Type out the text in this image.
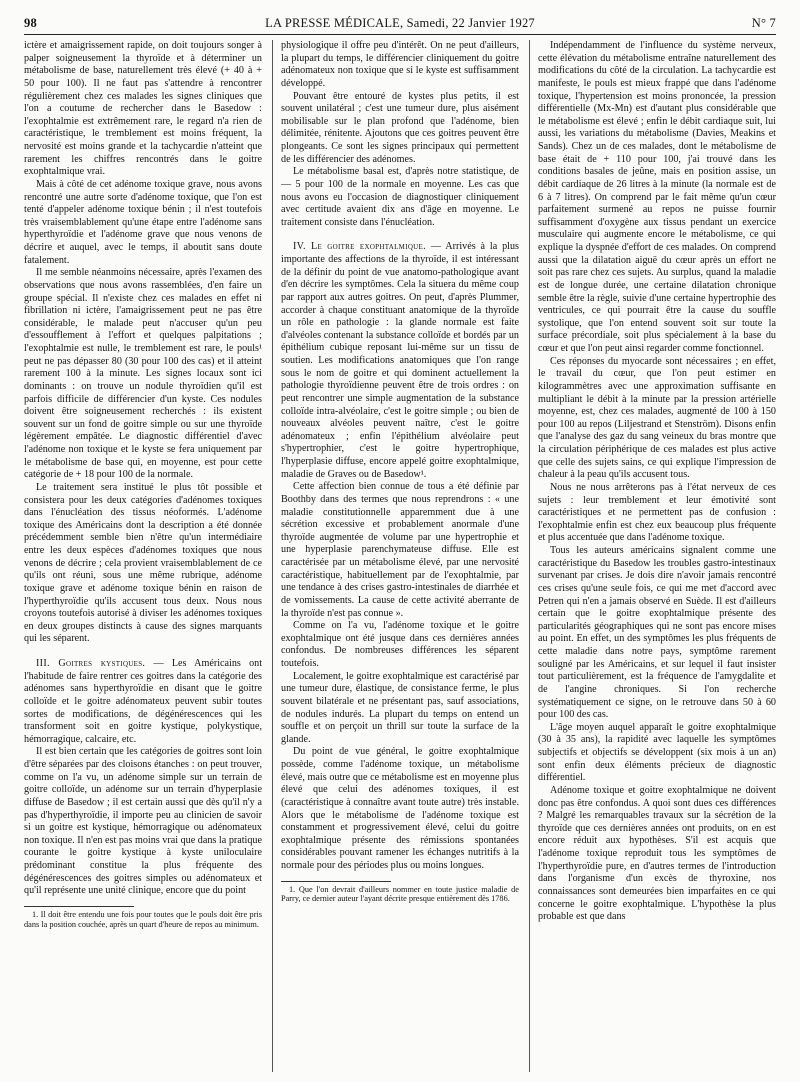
98	LA PRESSE MÉDICALE, Samedi, 22 Janvier 1927	N° 7

ictère et amaigrissement rapide, on doit toujours songer à palper soigneusement la thyroïde et à déterminer un métabolisme de base, naturellement très élevé (+ 40 à + 50 pour 100). Il ne faut pas s'attendre à rencontrer régulièrement chez ces malades les signes cliniques que l'on a coutume de rechercher dans le Basedow : l'exophtalmie est extrêmement rare, le regard n'a rien de caractéristique, le tremblement est moins fréquent, la nervosité est moins grande et la tachycardie n'atteint que rarement les chiffres rencontrés dans le goitre exophtalmique vrai.

Mais à côté de cet adénome toxique grave, nous avons rencontré une autre sorte d'adénome toxique, que l'on est tenté d'appeler adénome toxique bénin ; il n'est toutefois très vraisemblablement qu'une étape entre l'adénome sans hyperthyroïdie et l'adénome grave que nous venons de décrire et auquel, avec le temps, il aboutit sans doute fatalement.

Il me semble néanmoins nécessaire, après l'examen des observations que nous avons rassemblées, d'en faire un groupe spécial. Il n'existe chez ces malades en effet ni fibrillation ni ictère, l'amaigrissement peut ne pas être considérable, le malade peut n'accuser qu'un peu d'essoufflement à l'effort et quelques palpitations ; l'exophtalmie est nulle, le tremblement est rare, le pouls¹ peut ne pas dépasser 80 (30 pour 100 des cas) et il atteint rarement 100 à la minute. Les signes locaux sont ici dominants : on trouve un nodule thyroïdien qu'il est parfois difficile de différencier d'un kyste. Ces nodules doivent être soigneusement recherchés : ils existent souvent sur un fond de goitre simple ou sur une thyroïde légèrement empâtée. Le diagnostic différentiel d'avec l'adénome non toxique et le kyste se fera uniquement par le métabolisme de base qui, en moyenne, est pour cette catégorie de + 18 pour 100 de la normale.

Le traitement sera institué le plus tôt possible et consistera pour les deux catégories d'adénomes toxiques dans l'énucléation des tissus néoformés. L'adénome toxique des Américains dont la description a été donnée précédemment semble bien n'être qu'un intermédiaire entre les deux espèces d'adénomes toxiques que nous venons de décrire ; cela provient vraisemblablement de ce qu'ils ont réuni, sous une même rubrique, adénome toxique grave et adénome toxique bénin en raison de l'hyperthyroïdie qu'ils accusent tous deux. Nous nous croyons toutefois autorisé à diviser les adénomes toxiques en deux groupes distincts à cause des signes marquants qui les séparent.

III. Goitres kystiques. — Les Américains ont l'habitude de faire rentrer ces goitres dans la catégorie des adénomes sans hyperthyroïdie en disant que le goitre colloïde et le goitre adénomateux peuvent subir toutes sortes de modifications, de dégénérescences qui les transforment soit en goitre kystique, polykystique, hémorragique, calcaire, etc.

Il est bien certain que les catégories de goitres sont loin d'être séparées par des cloisons étanches : on peut trouver, comme on l'a vu, un adénome simple sur un terrain de goitre colloïde, un adénome sur un terrain d'hyperplasie diffuse de Basedow ; il est certain aussi que dès qu'il n'y a pas d'hyperthyroïdie, il importe peu au clinicien de savoir si un goitre est kystique, hémorragique ou adénomateux non toxique. Il n'en est pas moins vrai que dans la pratique courante le goitre kystique à kyste uniloculaire prédominant constitue la plus fréquente des dégénérescences des goitres simples ou adénomateux et qu'il représente une unité clinique, encore que du point

1. Il doit être entendu une fois pour toutes que le pouls doit être pris dans la position couchée, après un quart d'heure de repos au minimum.

physiologique il offre peu d'intérêt. On ne peut d'ailleurs, la plupart du temps, le différencier cliniquement du goitre adénomateux non toxique que si le kyste est suffisamment développé.

Pouvant être entouré de kystes plus petits, il est souvent unilatéral ; c'est une tumeur dure, plus aisément mobilisable sur le plan profond que l'adénome, bien délimitée, rénitente. Ajoutons que ces goitres peuvent être plongeants. Ce sont les signes principaux qui permettent de les différencier des adénomes.

Le métabolisme basal est, d'après notre statistique, de — 5 pour 100 de la normale en moyenne. Les cas que nous avons eu l'occasion de diagnostiquer cliniquement avec certitude avaient dix ans d'âge en moyenne. Le traitement consiste dans l'énucléation.

IV. Le goitre exophtalmique. — Arrivés à la plus importante des affections de la thyroïde, il est intéressant de la définir du point de vue anatomo-pathologique avant d'en décrire les symptômes. Cela la situera du même coup par rapport aux autres goitres. On peut, d'après Plummer, accorder à chaque constituant anatomique de la thyroïde un rôle en pathologie : la glande normale est faite d'alvéoles contenant la substance colloïde et bordés par un épithélium cubique reposant lui-même sur un tissu de soutien. Les modifications anatomiques que l'on range sous le nom de goitre et qui dominent actuellement la pathologie thyroïdienne peuvent être de trois ordres : on peut rencontrer une simple augmentation de la substance colloïde intra-alvéolaire, c'est le goitre simple ; ou bien de nouveaux alvéoles peuvent naître, c'est le goitre adénomateux ; enfin l'épithélium alvéolaire peut s'hypertrophier, c'est le goitre hypertrophique, l'hyperplasie diffuse, encore appelé goitre exophtalmique, maladie de Graves ou de Basedow¹.

Cette affection bien connue de tous a été définie par Boothby dans des termes que nous reprendrons : « une maladie constitutionnelle apparemment due à une sécrétion excessive et probablement anormale d'une thyroïde augmentée de volume par une hypertrophie et une hyperplasie parenchymateuse diffuse. Elle est caractérisée par un métabolisme élevé, par une nervosité caractéristique, habituellement par de l'exophtalmie, par une tendance à des crises gastro-intestinales de diarrhée et de vomissements. La cause de cette activité aberrante de la thyroïde n'est pas connue ».

Comme on l'a vu, l'adénome toxique et le goitre exophtalmique ont été jusque dans ces dernières années confondus. De nombreuses différences les séparent toutefois.

Localement, le goitre exophtalmique est caractérisé par une tumeur dure, élastique, de consistance ferme, le plus souvent bilatérale et ne présentant pas, sauf associations, de nodules indurés. La plupart du temps on entend un souffle et on perçoit un thrill sur toute la surface de la glande.

Du point de vue général, le goitre exophtalmique possède, comme l'adénome toxique, un métabolisme élevé, mais outre que ce métabolisme est en moyenne plus élevé que celui des adénomes toxiques, il est (caractéristique à connaître avant toute autre) très instable. Alors que le métabolisme de l'adénome toxique est constamment et progressivement élevé, celui du goitre exophtalmique présente des rémissions spontanées considérables pouvant ramener les échanges nutritifs à la normale pour des périodes plus ou moins longues.

1. Que l'on devrait d'ailleurs nommer en toute justice maladie de Parry, ce dernier auteur l'ayant décrite presque entièrement dès 1786.

Indépendamment de l'influence du système nerveux, cette élévation du métabolisme entraîne naturellement des modifications du côté de la circulation. La tachycardie est manifeste, le pouls est mieux frappé que dans l'adénome toxique, l'hypertension est moins prononcée, la pression différentielle (Mx-Mn) est d'autant plus considérable que le métabolisme est élevé ; enfin le débit cardiaque suit, lui aussi, les variations du métabolisme (Davies, Meakins et Sands). Chez un de ces malades, dont le métabolisme de base était de + 110 pour 100, j'ai trouvé dans les conditions basales de jeûne, mais en position assise, un débit cardiaque de 26 litres à la minute (la normale est de 6 à 7 litres). On comprend par le fait même qu'un cœur parfaitement surmené au repos ne puisse fournir suffisamment d'oxygène aux tissus pendant un exercice musculaire qui augmente encore le métabolisme, ce qui explique la dyspnée d'effort de ces malades. On comprend aussi que la dilatation aiguë du cœur après un effort ne soit pas rare chez ces sujets. Au surplus, quand la maladie est de longue durée, une certaine dilatation chronique semble être la règle, suivie d'une certaine hypertrophie des ventricules, ce qui pourrait être la cause du souffle systolique, que l'on entend souvent soit sur toute la surface précordiale, soit plus spécialement à la base du cœur et que l'on peut ainsi regarder comme fonctionnel.

Ces réponses du myocarde sont nécessaires ; en effet, le travail du cœur, que l'on peut estimer en kilogrammètres avec une approximation suffisante en multipliant le débit à la minute par la pression artérielle moyenne, est, chez ces malades, augmenté de 100 à 150 pour 100 au repos (Liljestrand et Stenström). Disons enfin que l'analyse des gaz du sang veineux du bras montre que la circulation périphérique de ces malades est plus active que celle des sujets sains, ce qui explique l'impression de chaleur à la peau qu'ils accusent tous.

Nous ne nous arrêterons pas à l'état nerveux de ces sujets : leur tremblement et leur émotivité sont caractéristiques et ne permettent pas de confusion : l'exophtalmie enfin est chez eux beaucoup plus fréquente et plus accentuée que dans l'adénome toxique.

Tous les auteurs américains signalent comme une caractéristique du Basedow les troubles gastro-intestinaux survenant par crises. Je dois dire n'avoir jamais rencontré ces crises qu'une seule fois, ce qui me met d'accord avec Petren qui n'en a jamais observé en Suède. Il est d'ailleurs certain que le goitre exophtalmique présente des particularités géographiques qui ne sont pas encore mises au point. En effet, un des symptômes les plus fréquents de cette maladie dans notre pays, symptôme rarement souligné par les Américains, et sur lequel il faut insister tout particulièrement, est la fréquence de l'amygdalite et de l'angine chroniques. Si l'on recherche systématiquement ce signe, on le retrouve dans 50 à 60 pour 100 des cas.

L'âge moyen auquel apparaît le goitre exophtalmique (30 à 35 ans), la rapidité avec laquelle les symptômes subjectifs et objectifs se développent (six mois à un an) sont enfin deux éléments précieux de diagnostic différentiel.

Adénome toxique et goitre exophtalmique ne doivent donc pas être confondus. A quoi sont dues ces différences ? Malgré les remarquables travaux sur la sécrétion de la thyroïde que ces dernières années ont produits, on en est encore réduit aux hypothèses. S'il est acquis que l'adénome toxique reproduit tous les symptômes de l'hyperthyroïdie pure, en d'autres termes de l'introduction dans l'organisme d'un excès de thyroxine, nos connaissances sont demeurées bien imparfaites en ce qui concerne le goitre exophtalmique. L'hypothèse la plus probable est que dans
